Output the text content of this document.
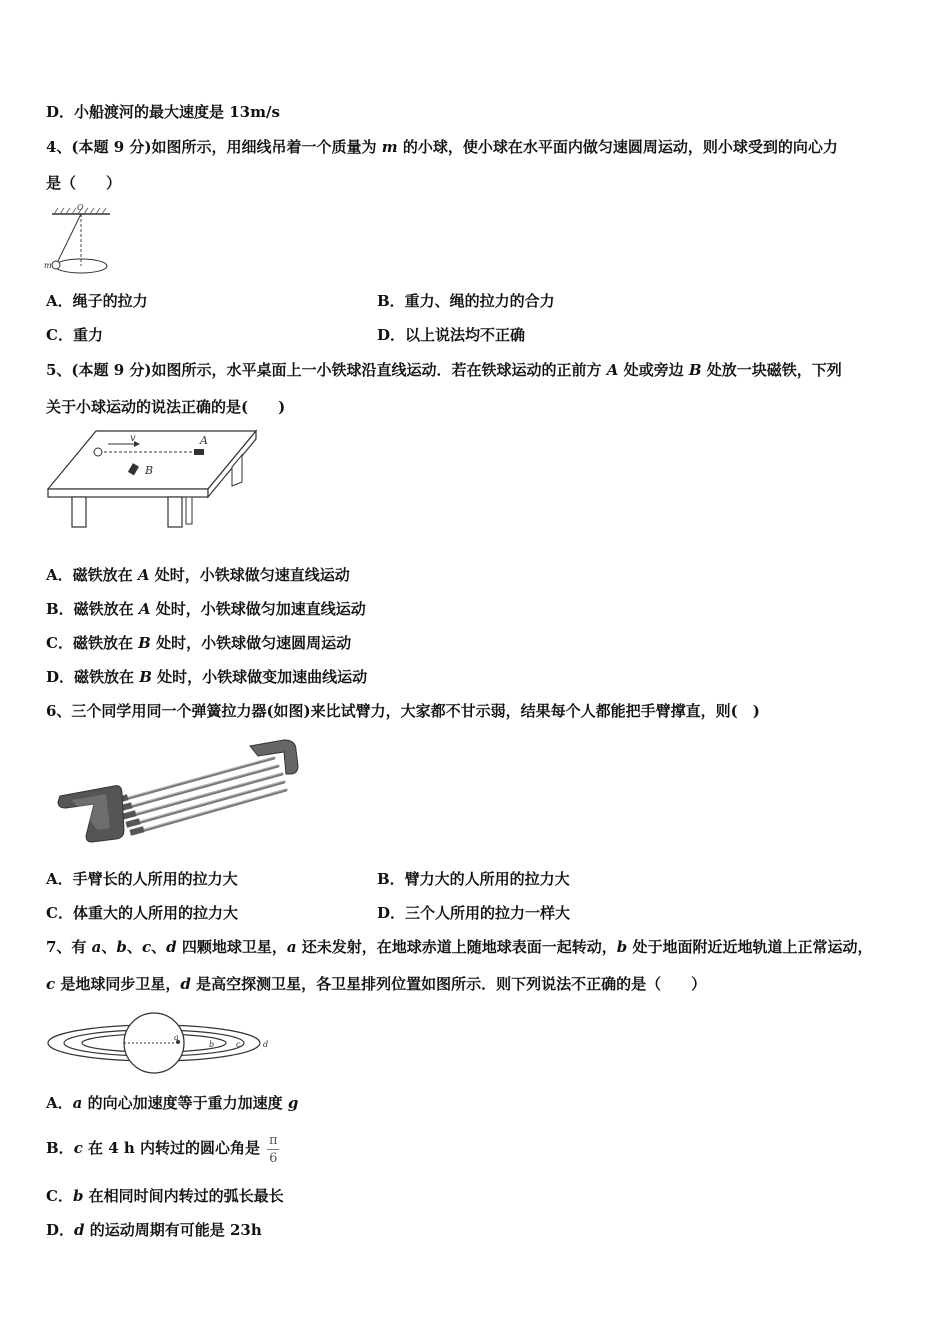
D．小船渡河的最大速度是 13m/s
4、(本题 9 分)如图所示，用细线吊着一个质量为 m 的小球，使小球在水平面内做匀速圆周运动，则小球受到的向心力
是（　　）
O
m
A．绳子的拉力	B．重力、绳的拉力的合力
C．重力	D．以上说法均不正确
5、(本题 9 分)如图所示，水平桌面上一小铁球沿直线运动．若在铁球运动的正前方 A 处或旁边 B 处放一块磁铁，下列
关于小球运动的说法正确的是(　　)
v	A
B
A．磁铁放在 A 处时，小铁球做匀速直线运动
B．磁铁放在 A 处时，小铁球做匀加速直线运动
C．磁铁放在 B 处时，小铁球做匀速圆周运动
D．磁铁放在 B 处时，小铁球做变加速曲线运动
6、三个同学用同一个弹簧拉力器(如图)来比试臂力，大家都不甘示弱，结果每个人都能把手臂撑直，则(　)
A．手臂长的人所用的拉力大	B．臂力大的人所用的拉力大
C．体重大的人所用的拉力大	D．三个人所用的拉力一样大
7、有 a、b、c、d 四颗地球卫星，a 还未发射，在地球赤道上随地球表面一起转动，b 处于地面附近近地轨道上正常运动，
c 是地球同步卫星，d 是高空探测卫星，各卫星排列位置如图所示．则下列说法不正确的是（　　）
a
b	c	d
A．a 的向心加速度等于重力加速度 g
B．c 在 4 h 内转过的圆心角是 $\frac{\pi}{6}$
C．b 在相同时间内转过的弧长最长
D．d 的运动周期有可能是 23h
